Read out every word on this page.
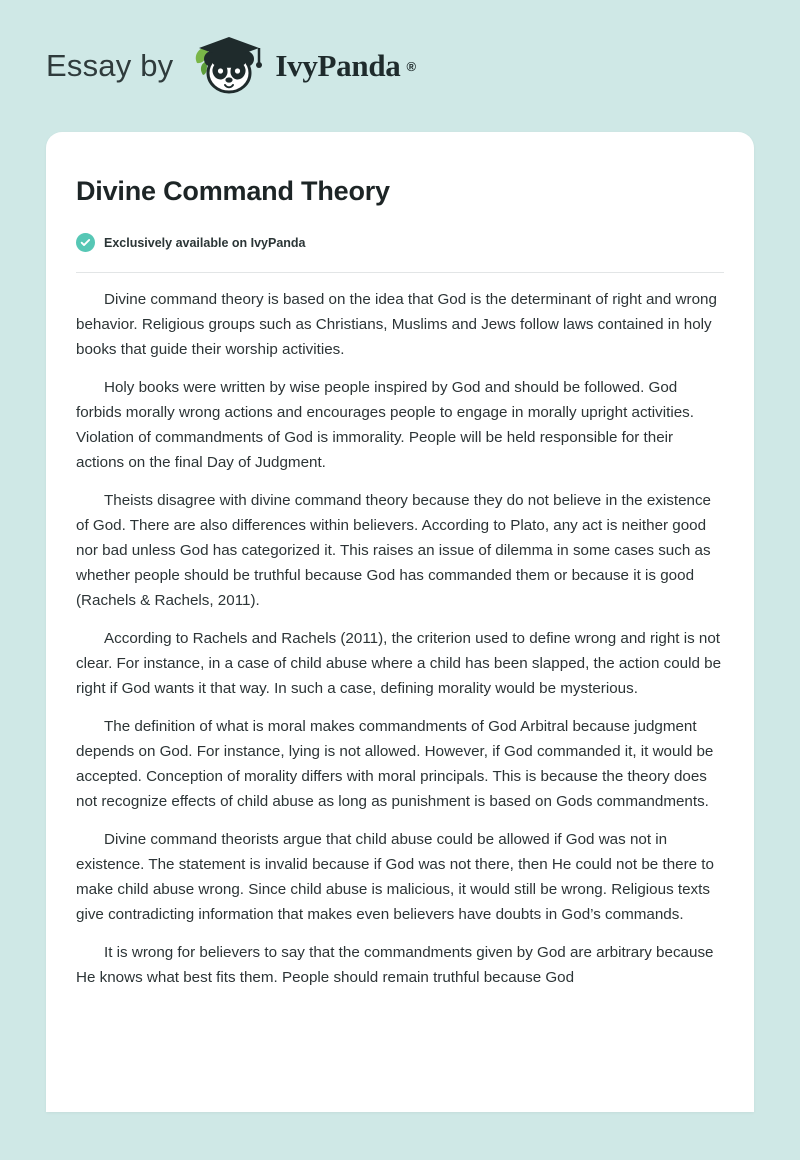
Essay by	IvyPanda ®
Divine Command Theory
Exclusively available on IvyPanda

Divine command theory is based on the idea that God is the determinant of right and wrong behavior. Religious groups such as Christians, Muslims and Jews follow laws contained in holy books that guide their worship activities.

Holy books were written by wise people inspired by God and should be followed. God forbids morally wrong actions and encourages people to engage in morally upright activities. Violation of commandments of God is immorality. People will be held responsible for their actions on the final Day of Judgment.

Theists disagree with divine command theory because they do not believe in the existence of God. There are also differences within believers. According to Plato, any act is neither good nor bad unless God has categorized it. This raises an issue of dilemma in some cases such as whether people should be truthful because God has commanded them or because it is good (Rachels & Rachels, 2011).

According to Rachels and Rachels (2011), the criterion used to define wrong and right is not clear. For instance, in a case of child abuse where a child has been slapped, the action could be right if God wants it that way. In such a case, defining morality would be mysterious.

The definition of what is moral makes commandments of God Arbitral because judgment depends on God. For instance, lying is not allowed. However, if God commanded it, it would be accepted. Conception of morality differs with moral principals. This is because the theory does not recognize effects of child abuse as long as punishment is based on Gods commandments.

Divine command theorists argue that child abuse could be allowed if God was not in existence. The statement is invalid because if God was not there, then He could not be there to make child abuse wrong. Since child abuse is malicious, it would still be wrong. Religious texts give contradicting information that makes even believers have doubts in God’s commands.

It is wrong for believers to say that the commandments given by God are arbitrary because He knows what best fits them. People should remain truthful because God
